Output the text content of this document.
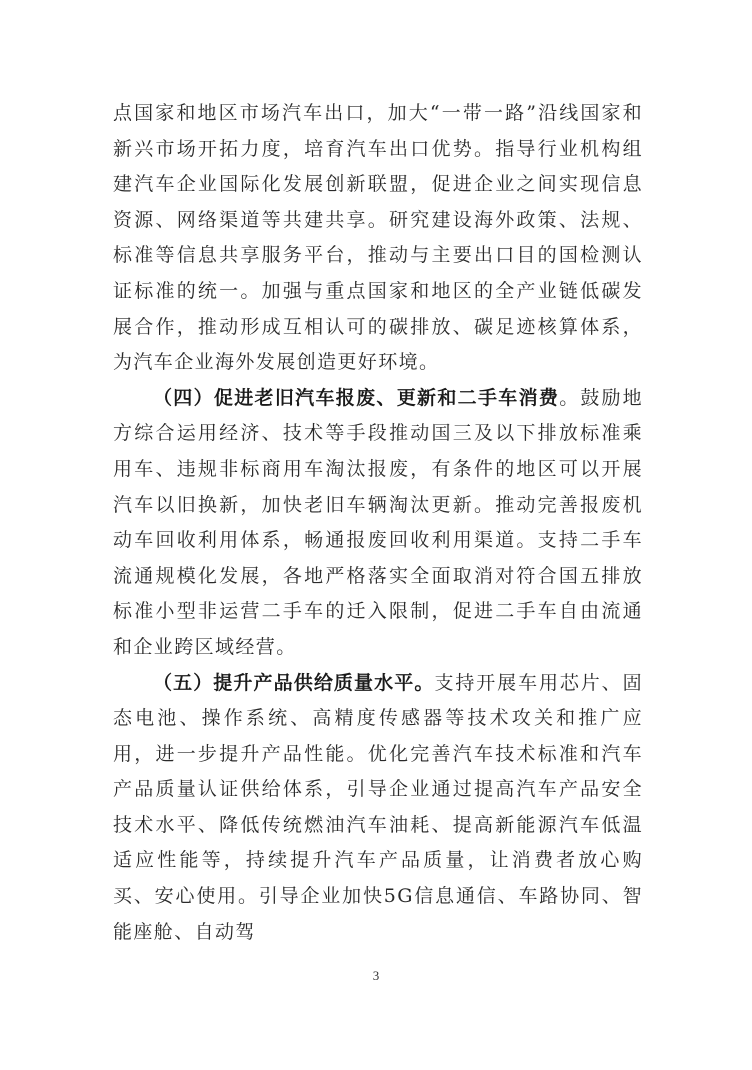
点国家和地区市场汽车出口，加大“一带一路”沿线国家和新兴市场开拓力度，培育汽车出口优势。指导行业机构组建汽车企业国际化发展创新联盟，促进企业之间实现信息资源、网络渠道等共建共享。研究建设海外政策、法规、标准等信息共享服务平台，推动与主要出口目的国检测认证标准的统一。加强与重点国家和地区的全产业链低碳发展合作，推动形成互相认可的碳排放、碳足迹核算体系，为汽车企业海外发展创造更好环境。

（四）促进老旧汽车报废、更新和二手车消费。鼓励地方综合运用经济、技术等手段推动国三及以下排放标准乘用车、违规非标商用车淘汰报废，有条件的地区可以开展汽车以旧换新，加快老旧车辆淘汰更新。推动完善报废机动车回收利用体系，畅通报废回收利用渠道。支持二手车流通规模化发展，各地严格落实全面取消对符合国五排放标准小型非运营二手车的迁入限制，促进二手车自由流通和企业跨区域经营。

（五）提升产品供给质量水平。支持开展车用芯片、固态电池、操作系统、高精度传感器等技术攻关和推广应用，进一步提升产品性能。优化完善汽车技术标准和汽车产品质量认证供给体系，引导企业通过提高汽车产品安全技术水平、降低传统燃油汽车油耗、提高新能源汽车低温适应性能等，持续提升汽车产品质量，让消费者放心购买、安心使用。引导企业加快5G信息通信、车路协同、智能座舱、自动驾

3
